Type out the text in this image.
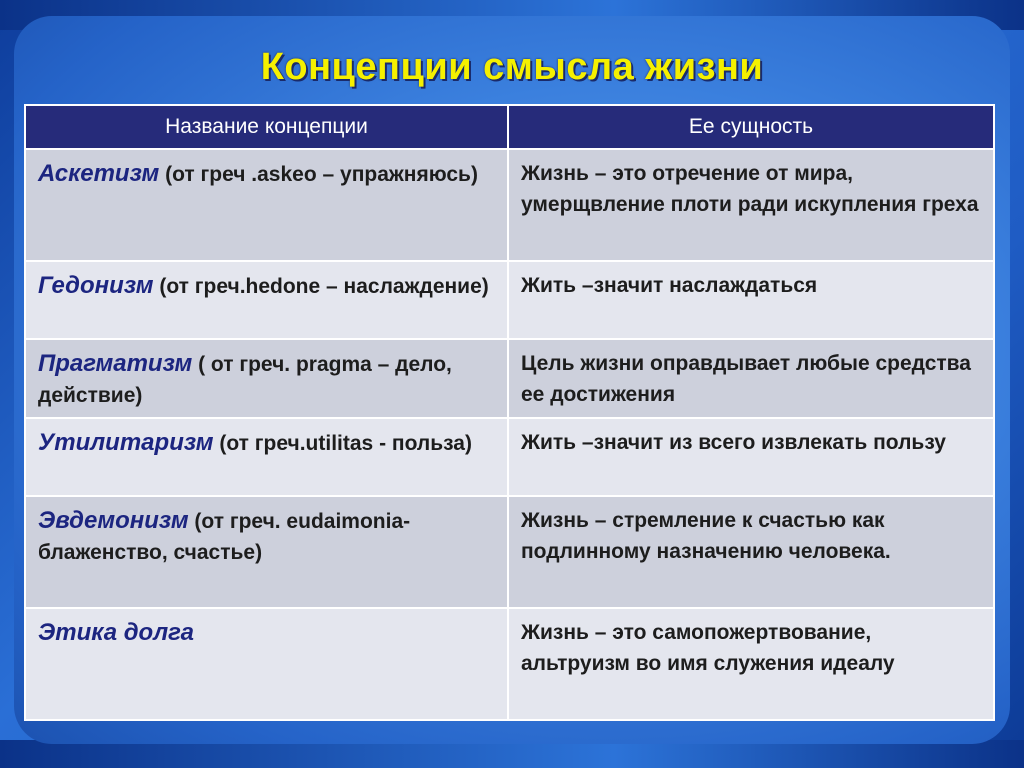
Концепции смысла жизни
Название концепции	Ее сущность
Аскетизм (от греч .askeo – упражняюсь)	Жизнь – это отречение от мира, умерщвление плоти ради искупления греха
Гедонизм (от греч.hedone – наслаждение)	Жить –значит наслаждаться
Прагматизм ( от греч. pragma – дело, действие)	Цель жизни оправдывает любые средства ее достижения
Утилитаризм (от греч.utilitas - польза)	Жить –значит из всего извлекать пользу
Эвдемонизм (от греч. eudaimonia- блаженство, счастье)	Жизнь – стремление к счастью как подлинному назначению человека.
Этика долга	Жизнь – это самопожертвование, альтруизм во имя служения идеалу
